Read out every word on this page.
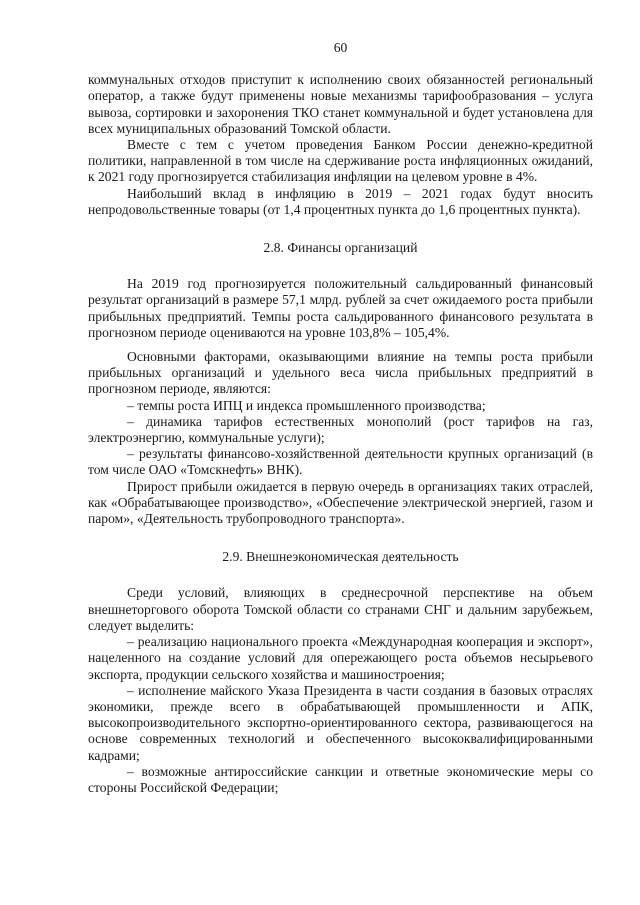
60

коммунальных отходов приступит к исполнению своих обязанностей региональный оператор, а также будут применены новые механизмы тарифообразования – услуга вывоза, сортировки и захоронения ТКО станет коммунальной и будет установлена для всех муниципальных образований Томской области.

Вместе с тем с учетом проведения Банком России денежно-кредитной политики, направленной в том числе на сдерживание роста инфляционных ожиданий, к 2021 году прогнозируется стабилизация инфляции на целевом уровне в 4%.

Наибольший вклад в инфляцию в 2019 – 2021 годах будут вносить непродовольственные товары (от 1,4 процентных пункта до 1,6 процентных пункта).

2.8. Финансы организаций

На 2019 год прогнозируется положительный сальдированный финансовый результат организаций в размере 57,1 млрд. рублей за счет ожидаемого роста прибыли прибыльных предприятий. Темпы роста сальдированного финансового результата в прогнозном периоде оцениваются на уровне 103,8% – 105,4%.

Основными факторами, оказывающими влияние на темпы роста прибыли прибыльных организаций и удельного веса числа прибыльных предприятий в прогнозном периоде, являются:

– темпы роста ИПЦ и индекса промышленного производства;

– динамика тарифов естественных монополий (рост тарифов на газ, электроэнергию, коммунальные услуги);

– результаты финансово-хозяйственной деятельности крупных организаций (в том числе ОАО «Томскнефть» ВНК).

Прирост прибыли ожидается в первую очередь в организациях таких отраслей, как «Обрабатывающее производство», «Обеспечение электрической энергией, газом и паром», «Деятельность трубопроводного транспорта».

2.9. Внешнеэкономическая деятельность

Среди условий, влияющих в среднесрочной перспективе на объем внешнеторгового оборота Томской области со странами СНГ и дальним зарубежьем, следует выделить:

– реализацию национального проекта «Международная кооперация и экспорт», нацеленного на создание условий для опережающего роста объемов несырьевого экспорта, продукции сельского хозяйства и машиностроения;

– исполнение майского Указа Президента в части создания в базовых отраслях экономики, прежде всего в обрабатывающей промышленности и АПК, высокопроизводительного экспортно-ориентированного сектора, развивающегося на основе современных технологий и обеспеченного высококвалифицированными кадрами;

– возможные антироссийские санкции и ответные экономические меры со стороны Российской Федерации;
